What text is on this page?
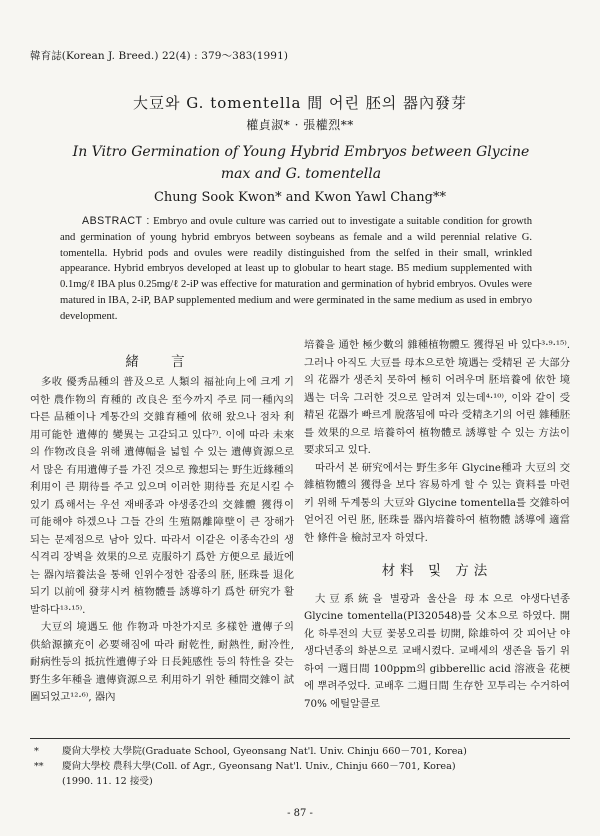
韓育誌(Korean J. Breed.) 22(4) : 379～383(1991)
大豆와 G. tomentella 間 어린 胚의 器內發芽
權貞淑* · 張權烈**
In Vitro Germination of Young Hybrid Embryos between Glycine max and G. tomentella
Chung Sook Kwon* and Kwon Yawl Chang**
ABSTRACT : Embryo and ovule culture was carried out to investigate a suitable condition for growth and germination of young hybrid embryos between soybeans as female and a wild perennial relative G. tomentella. Hybrid pods and ovules were readily distinguished from the selfed in their small, wrinkled appearance. Hybrid embryos developed at least up to globular to heart stage. B5 medium supplemented with 0.1mg/ℓ IBA plus 0.25mg/ℓ 2-iP was effective for maturation and germination of hybrid embryos. Ovules were matured in IBA, 2-iP, BAP supplemented medium and were germinated in the same medium as used in embryo development.
緒 言

多收 優秀品種의 普及으로 人類의 福祉向上에 크게 기여한 農作物의 育種的 改良은 至今까지 주로 同一種內의 다른 品種이나 계통간의 交雜育種에 依해 왔으나 점차 利用可能한 遺傳的 變異는 고갈되고 있다⁷⁾. 이에 따라 未來의 作物改良을 위해 遺傳幅을 넓힐 수 있는 遺傳資源으로서 많은 有用遺傳子를 가진 것으로 豫想되는 野生近緣種의 利用이 큰 期待를 주고 있으며 이러한 期待를 充足시킬 수 있기 爲해서는 우선 재배종과 야생종간의 交雜體 獲得이 可能해야 하겠으나 그들 간의 生殖隔離障壁이 큰 장해가 되는 문제점으로 남아 있다. 따라서 이같은 이종속간의 생식격리 장벽을 效果的으로 克服하기 爲한 方便으로 最近에는 器內培養法을 통해 인위수정한 잡종의 胚, 胚珠를 退化되기 以前에 發芽시켜 植物體를 誘導하기 爲한 研究가 활발하다¹³·¹⁵⁾.

大豆의 境遇도 他 作物과 마찬가지로 多樣한 遺傳子의 供給源擴充이 必要해짐에 따라 耐乾性, 耐熱性, 耐冷性, 耐病性등의 抵抗性遺傳子와 日長鈍感性 등의 特性을 갖는 野生多年種을 遺傳資源으로 利用하기 위한 種間交雜이 試圖되었고¹²·⁶⁾, 器內

培養을 通한 極少數의 雜種植物體도 獲得된 바 있다³·⁹·¹⁵⁾. 그러나 아직도 大豆를 母本으로한 境遇는 受精된 곧 大部分의 花器가 생존치 못하여 極히 어려우며 胚培養에 依한 境遇는 더욱 그러한 것으로 알려져 있는데⁴·¹⁰⁾, 이와 같이 受精된 花器가 빠르게 脫落됨에 따라 受精초기의 어린 雜種胚를 效果的으로 培養하여 植物體로 誘導할 수 있는 方法이 要求되고 있다.

따라서 본 研究에서는 野生多年 Glycine種과 大豆의 交雜植物體의 獲得을 보다 容易하게 할 수 있는 資料를 마련키 위해 두계통의 大豆와 Glycine tomentella를 交雜하여 얻어진 어린 胚, 胚珠를 器內培養하여 植物體 誘導에 適當한 條件을 檢討코자 하였다.

材料 및 方法

大豆系統을 별광과 울산을 母本으로 야생다년종 Glycine tomentella(PI320548)를 父本으로 하였다. 開化 하루전의 大豆 꽃봉오리를 切開, 除雄하여 갓 피어난 야생다년종의 화분으로 교배시켰다. 교배세의 생존을 돕기 위하여 一週日間 100ppm의 gibberellic acid 溶液을 花梗에 뿌려주었다. 교배후 二週日間 生存한 꼬투리는 수거하여 70% 에틸알콜로

*	慶尙大學校 大學院(Graduate School, Gyeonsang Nat'l. Univ. Chinju 660－701, Korea)
**	慶尙大學校 農科大學(Coll. of Agr., Gyeonsang Nat'l. Univ., Chinju 660－701, Korea)
(1990. 11. 12 接受)
- 87 -
